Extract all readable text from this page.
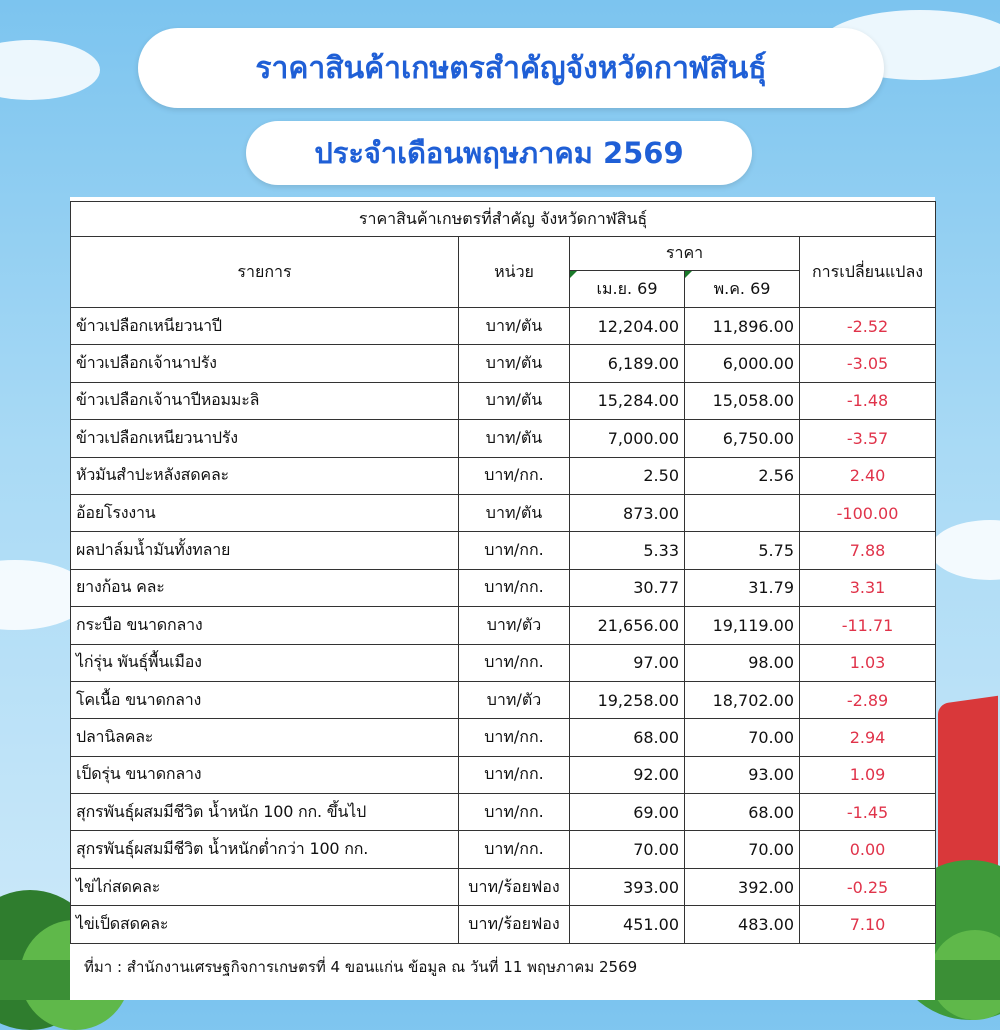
ราคาสินค้าเกษตรสำคัญจังหวัดกาฬสินธุ์
ประจำเดือนพฤษภาคม 2569
ราคาสินค้าเกษตรที่สำคัญ จังหวัดกาฬสินธุ์				
รายการ	หน่วย	ราคา		การเปลี่ยนแปลง
		เม.ย. 69	พ.ค. 69	
ข้าวเปลือกเหนียวนาปี	บาท/ตัน	12,204.00	11,896.00	-2.52
ข้าวเปลือกเจ้านาปรัง	บาท/ตัน	6,189.00	6,000.00	-3.05
ข้าวเปลือกเจ้านาปีหอมมะลิ	บาท/ตัน	15,284.00	15,058.00	-1.48
ข้าวเปลือกเหนียวนาปรัง	บาท/ตัน	7,000.00	6,750.00	-3.57
หัวมันสำปะหลังสดคละ	บาท/กก.	2.50	2.56	2.40
อ้อยโรงงาน	บาท/ตัน	873.00		-100.00
ผลปาล์มน้ำมันทั้งทลาย	บาท/กก.	5.33	5.75	7.88
ยางก้อน คละ	บาท/กก.	30.77	31.79	3.31
กระบือ ขนาดกลาง	บาท/ตัว	21,656.00	19,119.00	-11.71
ไก่รุ่น พันธุ์พื้นเมือง	บาท/กก.	97.00	98.00	1.03
โคเนื้อ ขนาดกลาง	บาท/ตัว	19,258.00	18,702.00	-2.89
ปลานิลคละ	บาท/กก.	68.00	70.00	2.94
เป็ดรุ่น ขนาดกลาง	บาท/กก.	92.00	93.00	1.09
สุกรพันธุ์ผสมมีชีวิต น้ำหนัก 100 กก. ขึ้นไป	บาท/กก.	69.00	68.00	-1.45
สุกรพันธุ์ผสมมีชีวิต น้ำหนักต่ำกว่า 100 กก.	บาท/กก.	70.00	70.00	0.00
ไข่ไก่สดคละ	บาท/ร้อยฟอง	393.00	392.00	-0.25
ไข่เป็ดสดคละ	บาท/ร้อยฟอง	451.00	483.00	7.10
ที่มา : สำนักงานเศรษฐกิจการเกษตรที่ 4 ขอนแก่น ข้อมูล ณ วันที่ 11 พฤษภาคม 2569
